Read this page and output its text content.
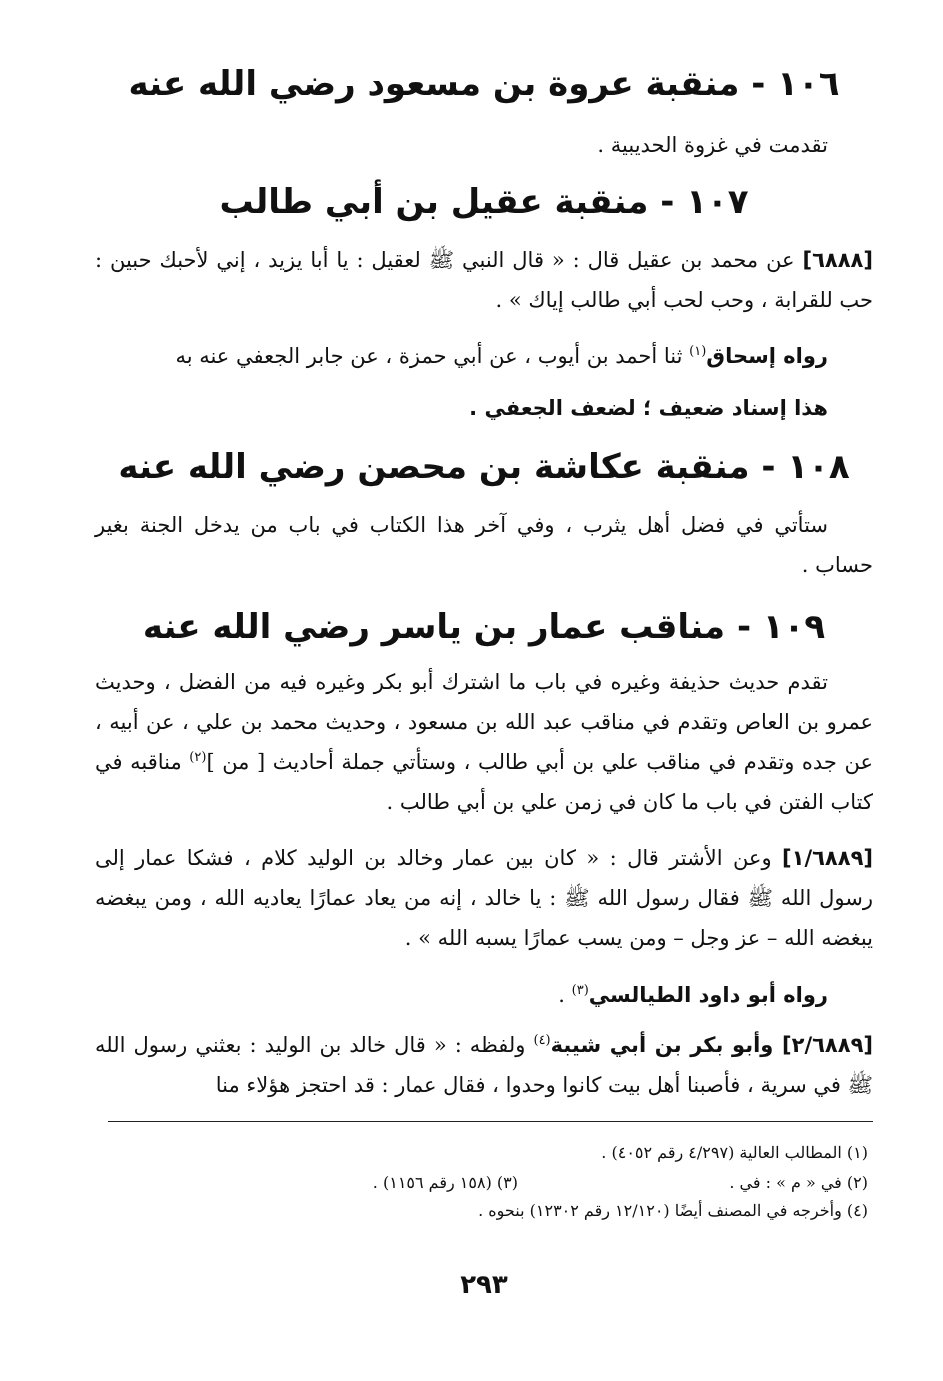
١٠٦ - منقبة عروة بن مسعود رضي الله عنه
تقدمت في غزوة الحديبية .
١٠٧ - منقبة عقيل بن أبي طالب
[٦٨٨٨] عن محمد بن عقيل قال : « قال النبي ﷺ لعقيل : يا أبا يزيد ، إني لأحبك حبين : حب للقرابة ، وحب لحب أبي طالب إياك » .
رواه إسحاق$^{(١)}$ ثنا أحمد بن أيوب ، عن أبي حمزة ، عن جابر الجعفي عنه به
هذا إسناد ضعيف ؛ لضعف الجعفي .
١٠٨ - منقبة عكاشة بن محصن رضي الله عنه
ستأتي في فضل أهل يثرب ، وفي آخر هذا الكتاب في باب من يدخل الجنة بغير حساب .
١٠٩ - مناقب عمار بن ياسر رضي الله عنه
تقدم حديث حذيفة وغيره في باب ما اشترك أبو بكر وغيره فيه من الفضل ، وحديث عمرو بن العاص وتقدم في مناقب عبد الله بن مسعود ، وحديث محمد بن علي ، عن أبيه ، عن جده وتقدم في مناقب علي بن أبي طالب ، وستأتي جملة أحاديث [ من ]$^{(٢)}$ مناقبه في كتاب الفتن في باب ما كان في زمن علي بن أبي طالب .
[١/٦٨٨٩] وعن الأشتر قال : « كان بين عمار وخالد بن الوليد كلام ، فشكا عمار إلى رسول الله ﷺ فقال رسول الله ﷺ : يا خالد ، إنه من يعاد عمارًا يعاديه الله ، ومن يبغضه يبغضه الله – عز وجل – ومن يسب عمارًا يسبه الله » .
رواه أبو داود الطيالسي$^{(٣)}$ .
[٢/٦٨٨٩] وأبو بكر بن أبي شيبة$^{(٤)}$ ولفظه : « قال خالد بن الوليد : بعثني رسول الله ﷺ في سرية ، فأصبنا أهل بيت كانوا وحدوا ، فقال عمار : قد احتجز هؤلاء منا
(١) المطالب العالية (٤/٢٩٧ رقم ٤٠٥٢) .
(٢) في « م » : في .
(٣) (١٥٨ رقم ١١٥٦) .
(٤) وأخرجه في المصنف أيضًا (١٢/١٢٠ رقم ١٢٣٠٢) بنحوه .
٢٩٣
